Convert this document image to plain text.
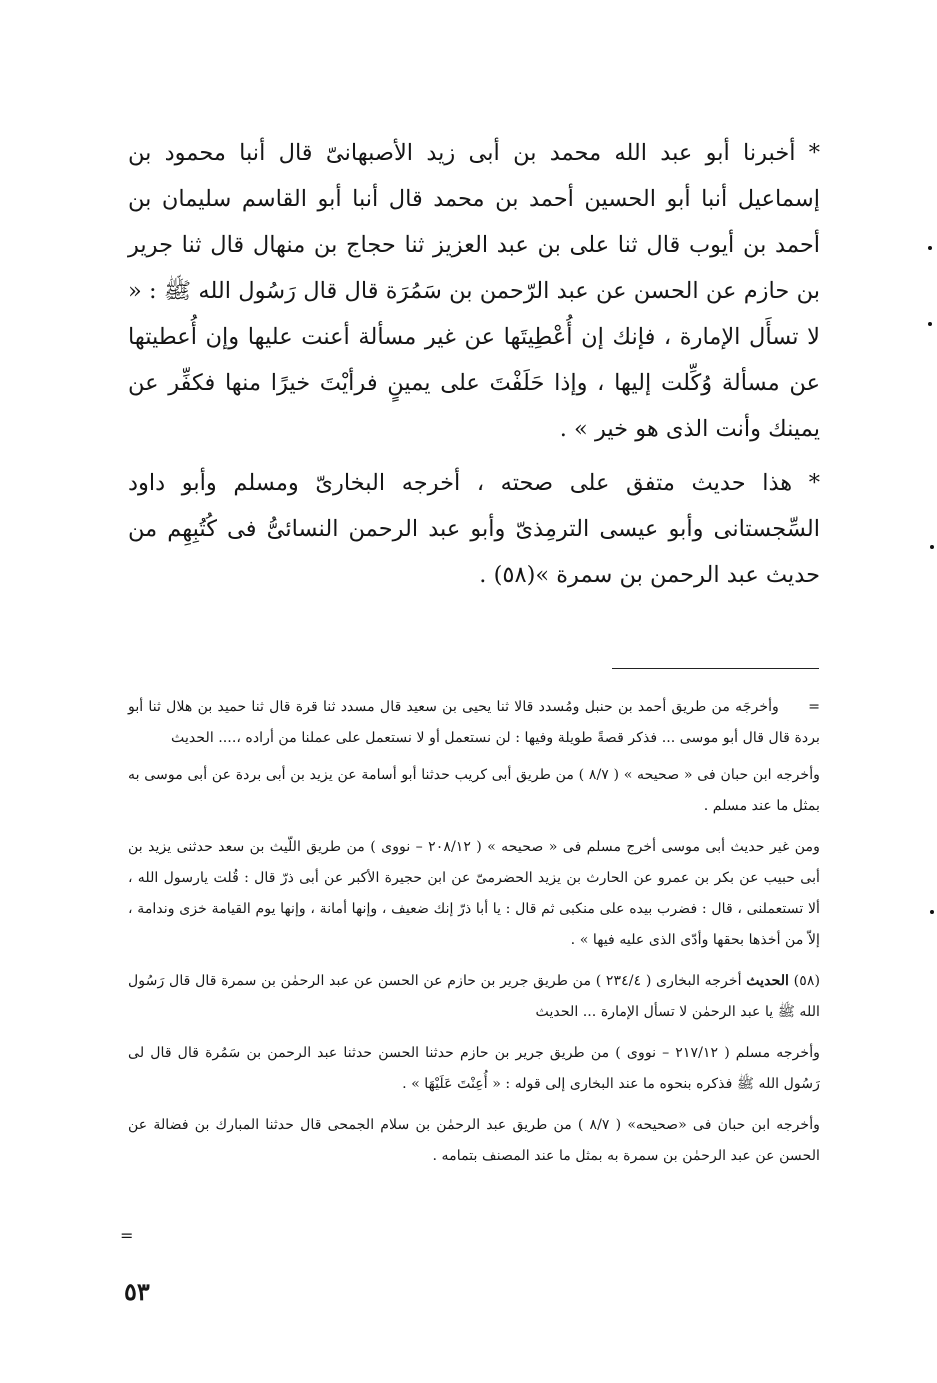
* أخبرنا أبو عبد الله محمد بن أبى زيد الأصبهانىّ قال أنبا محمود بن إسماعيل أنبا أبو الحسين أحمد بن محمد قال أنبا أبو القاسم سليمان بن أحمد بن أيوب قال ثنا على بن عبد العزيز ثنا حجاج بن منهال قال ثنا جرير بن حازم عن الحسن عن عبد الرّحمن بن سَمُرَة قال قال رَسُول الله ﷺ : « لا تسأَل الإمارة ، فإنك إن أُعْطِيتَها عن غير مسألة أعنت عليها وإن أُعطيتها عن مسألة وُكِّلت إليها ، وإذا حَلَفْتَ على يمينٍ فرأيْتَ خيرًا منها فكفِّر عن يمينك وأنت الذى هو خير » .

* هذا حديث متفق على صحته ، أخرجه البخارىّ ومسلم وأبو داود السِّجستانى وأبو عيسى الترمِذىّ وأبو عبد الرحمن النسائىُّ فى كُتُبِهِم من حديث عبد الرحمن بن سمرة »(٥٨) .

= وأخرجَه من طريق أحمد بن حنبل ومُسدد قالا ثنا يحيى بن سعيد قال مسدد ثنا قرة قال ثنا حميد بن هلال ثنا أبو بردة قال قال أبو موسى ... فذكر قصةً طويلة وفيها : لن نستعمل أو لا نستعمل على عملنا من أراده ،.... الحديث

وأخرجه ابن حبان فى « صحيحه » ( ٨/٧ ) من طريق أبى كريب حدثنا أبو أسامة عن يزيد بن أبى بردة عن أبى موسى به بمثل ما عند مسلم .

ومن غير حديث أبى موسى أخرج مسلم فى « صحيحه » ( ٢٠٨/١٢ – نووى ) من طريق اللّيث بن سعد حدثنى يزيد بن أبى حبيب عن بكر بن عمرو عن الحارث بن يزيد الحضرمىّ عن ابن حجيرة الأكبر عن أبى ذرّ قال : قُلت يارسول الله ، ألا تستعملنى ، قال : فضرب بيده على منكبى ثم قال : يا أبا ذرّ إنك ضعيف ، وإنها أمانة ، وإنها يوم القيامة خزى وندامة ، إلاّ من أخذها بحقها وأدّى الذى عليه فيها » .

(٥٨) الحديث أخرجه البخارى ( ٢٣٤/٤ ) من طريق جرير بن حازم عن الحسن عن عبد الرحمٰن بن سمرة قال قال رَسُول الله ﷺ يا عبد الرحمٰن لا تسأل الإمارة ... الحديث

وأخرجه مسلم ( ٢١٧/١٢ – نووى ) من طريق جرير بن حازم حدثنا الحسن حدثنا عبد الرحمن بن سَمُرة قال قال لى رَسُول الله ﷺ فذكره بنحوه ما عند البخارى إلى قوله : « أُعِنْتَ عَلَيْهَا » .

وأخرجه ابن حبان فى «صحيحه» ( ٨/٧ ) من طريق عبد الرحمٰن بن سلام الجمحى قال حدثنا المبارك بن فضالة عن الحسن عن عبد الرحمٰن بن سمرة به بمثل ما عند المصنف بتمامه .

=
٥٣
